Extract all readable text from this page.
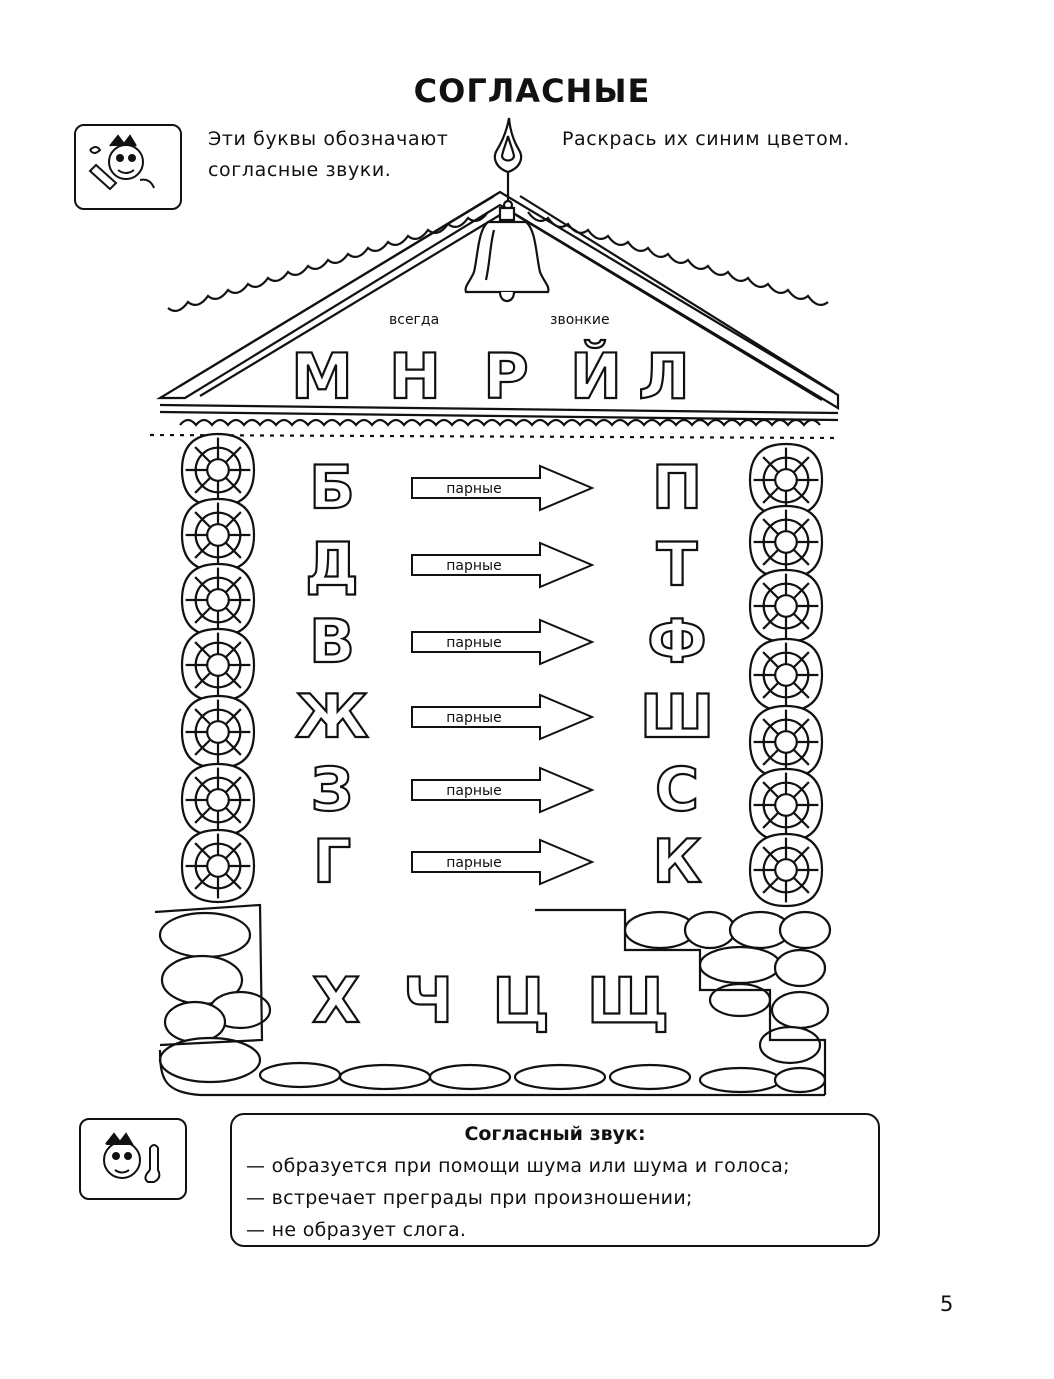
М Н Р Й Л
Б	П
парные
Д	Т
парные
В	Ф
парные
Ж	Ш
парные
З	С
парные
Г	К
парные
Х Ч Ц Щ
СОГЛАСНЫЕ
Эти буквы обозначают
согласные звуки.
Раскрась их синим цветом.
всегда	звонкие
Согласный звук:
— образуется при помощи шума или шума и голоса;
— встречает преграды при произношении;
— не образует слога.
5
